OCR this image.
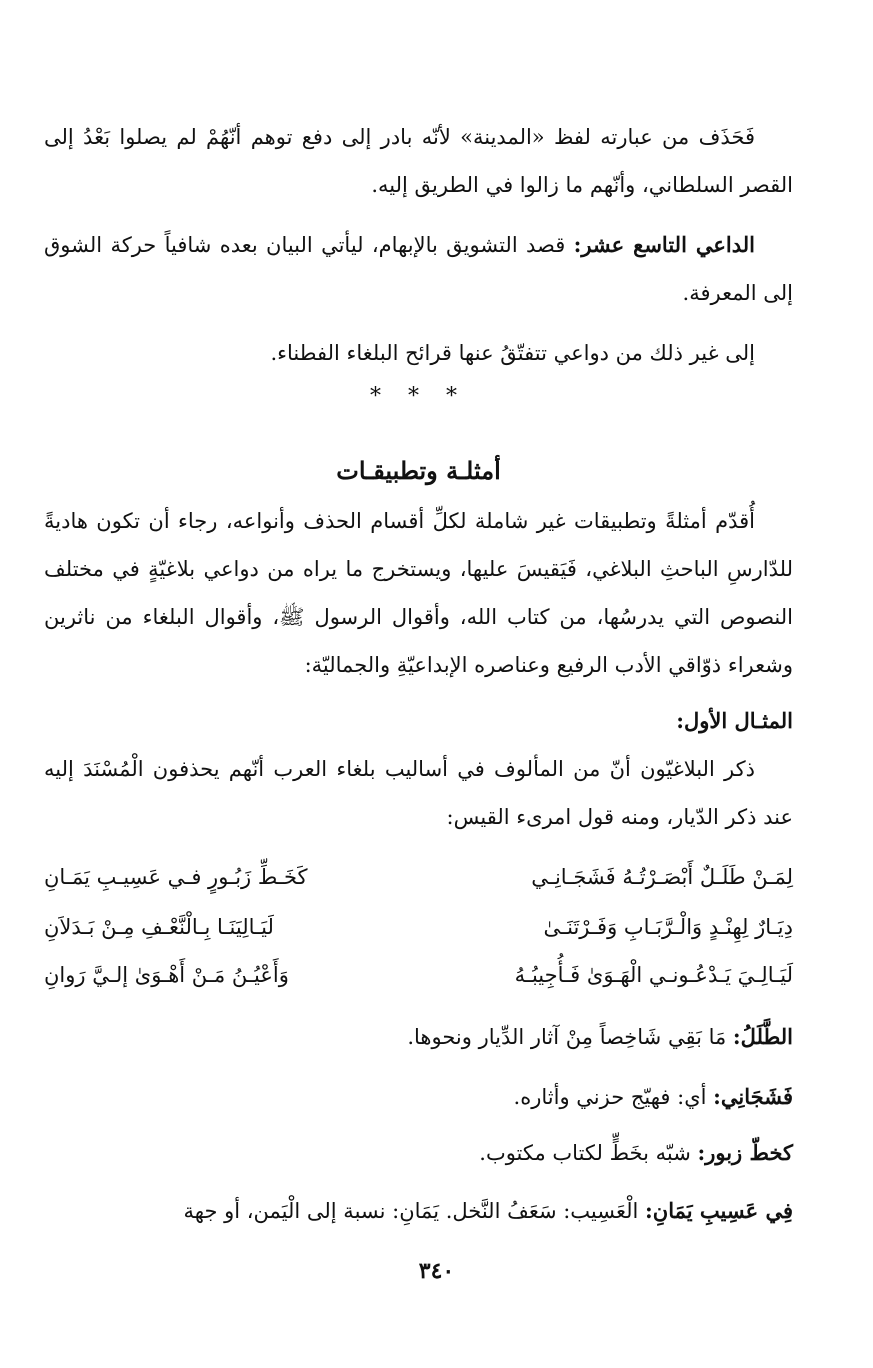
فَحَذَف من عبارته لفظ «المدينة» لأنّه بادر إلى دفع توهم أنّهُمْ لم يصلوا بَعْدُ إلى القصر السلطاني، وأنّهم ما زالوا في الطريق إليه.

الداعي التاسع عشر: قصد التشويق بالإبهام، ليأتي البيان بعده شافياً حركة الشوق إلى المعرفة.

إلى غير ذلك من دواعي تتفتّقُ عنها قرائح البلغاء الفطناء.

* * *

أمثلـة وتطبيقـات

أُقدّم أمثلةً وتطبيقات غير شاملة لكلِّ أقسام الحذف وأنواعه، رجاء أن تكون هاديةً للدّارسِ الباحثِ البلاغي، فَيَقيسَ عليها، ويستخرج ما يراه من دواعي بلاغيّةٍ في مختلف النصوص التي يدرسُها، من كتاب الله، وأقوال الرسول ﷺ، وأقوال البلغاء من ناثرين وشعراء ذوّاقي الأدب الرفيع وعناصره الإبداعيّةِ والجماليّة:

المثـال الأول:

ذكر البلاغيّون أنّ من المألوف في أساليب بلغاء العرب أنّهم يحذفون الْمُسْنَدَ إليه عند ذكر الدّيار، ومنه قول امرىء القيس:

لِمَـنْ طَلَـلٌ أَبْصَـرْتُـهُ فَشَجَـانِـي
كَخَـطِّ زَبُـورٍ فـي عَسِيـبِ يَمَـانِ
دِيَـارٌ لِهِنْـدٍ وَالْـرَّبَـابِ وَفَـرْتَنَـىٰ
لَيَـالِيَنَـا بِـالْنَّعْـفِ مِـنْ بَـدَلاَنِ
لَيَـالِـيَ يَـدْعُـونـي الْهَـوَىٰ فَـأُجِيبُـهُ
وَأَعْيُـنُ مَـنْ أَهْـوَىٰ إلـيَّ رَوانِ

الطَّلَلُ: مَا بَقِي شَاخِصاً مِنْ آثار الدِّيار ونحوها.

فَشَجَانِي: أي: فهيّج حزني وأثاره.

كخطّ زبور: شبّه بخَطٍّ لكتاب مكتوب.

فِي عَسِيبِ يَمَانِ: الْعَسِيب: سَعَفُ النَّخل. يَمَانِ: نسبة إلى الْيَمن، أو جهة

٣٤٠
